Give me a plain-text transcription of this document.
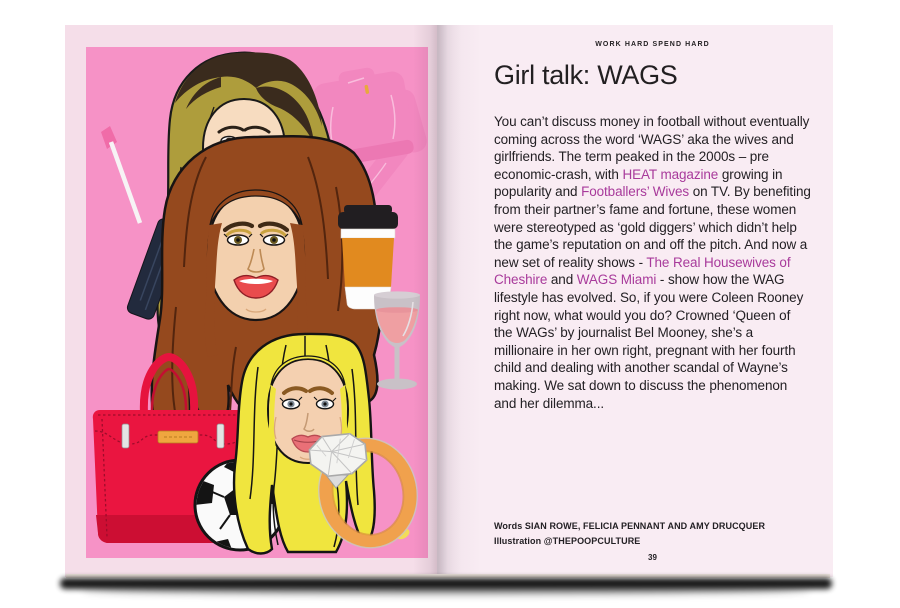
WORK HARD SPEND HARD
Girl talk: WAGS

You can’t discuss money in football without eventually coming across the word ‘WAGS’ aka the wives and girlfriends. The term peaked in the 2000s – pre economic-crash, with HEAT magazine growing in popularity and Footballers’ Wives on TV. By benefiting from their partner’s fame and fortune, these women were stereotyped as ‘gold diggers’ which didn’t help the game’s reputation on and off the pitch. And now a new set of reality shows - The Real Housewives of Cheshire and WAGS Miami - show how the WAG lifestyle has evolved. So, if you were Coleen Rooney right now, what would you do? Crowned ‘Queen of the WAGs’ by journalist Bel Mooney, she’s a millionaire in her own right, pregnant with her fourth child and dealing with another scandal of Wayne’s making. We sat down to discuss the phenomenon and her dilemma...

Words SIAN ROWE, FELICIA PENNANT AND AMY DRUCQUER
Illustration @THEPOOPCULTURE
39
